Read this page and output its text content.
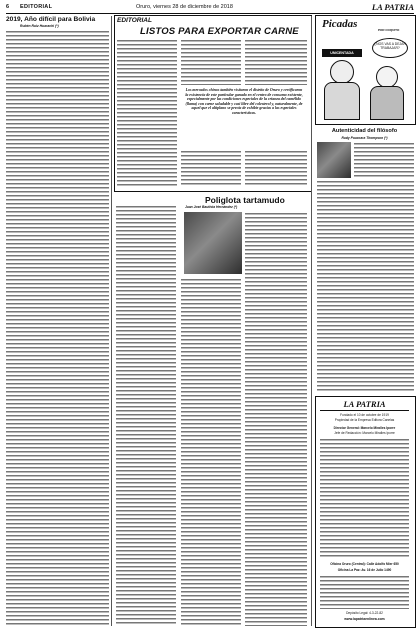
6 EDITORIAL	Oruro, viernes 28 de diciembre de 2018	LA PATRIA
2019, Año difícil para Bolivia
Rubén Ruiz Huarachi (*)
EDITORIAL
LISTOS PARA EXPORTAR CARNE
Los mercados chinos también visitaron el distrito de Oruro y certificaron la existencia de este particular ganado en el centro de consumo existente, especialmente por las condiciones especiales de la crianza del camélido (llama) con carne saludable y casi libre del colesterol y, naturalmente, de aquel que el altiplano se precia de exhibir gracias a las especiales características.
Poliglota tartamudo
Juan José Bautista Hernández (*)
Picadas	POR COQUITO
¿NOS VAS A DEJAR TRABAJAR?
UNICENTADA
Autenticidad del filósofo
Rudy Pauccara Thompson (*)
LA PATRIA
Fundado el 10 de octubre de 1919
Propiedad de la Empresa Editora Canelas
Director General: Marcelo Miralles Iporre
Jefe de Redacción: Marcelo Miralles Iporre
Oficina Oruro (Central): Calle Adolfo Mier 650
Oficina La Paz: Av. 16 de Julio 1490
Depósito Legal: 4-3-22-82
www.lapatriaenlinea.com
